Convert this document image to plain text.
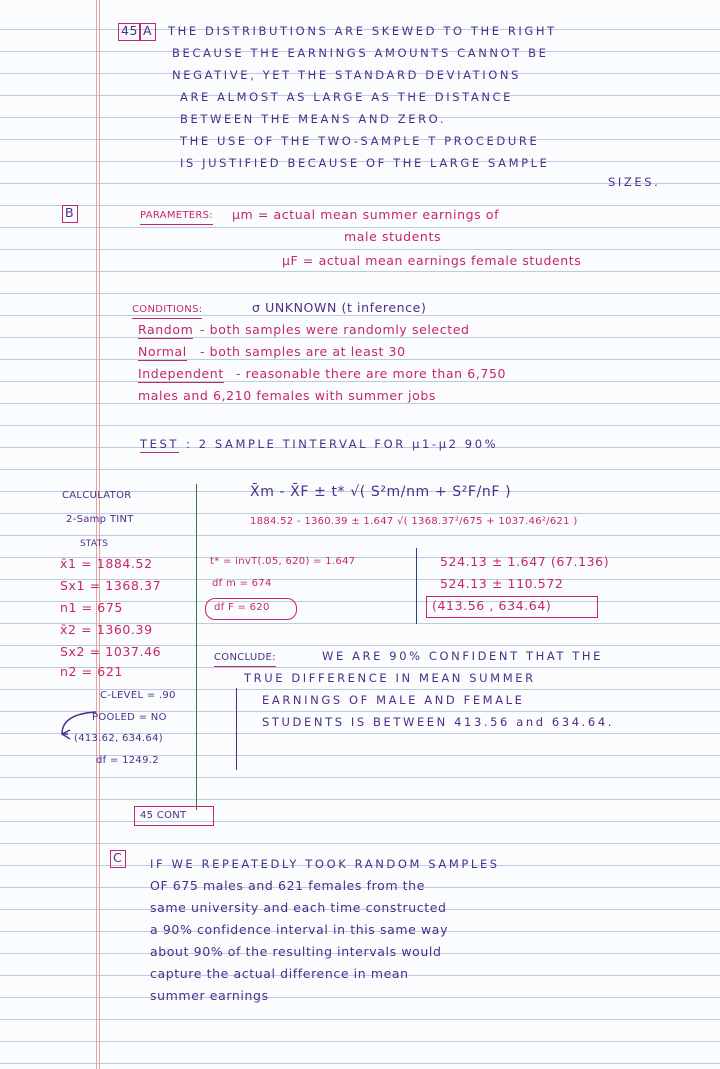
45 A THE DISTRIBUTIONS ARE SKEWED TO THE RIGHT
BECAUSE THE EARNINGS AMOUNTS CANNOT BE
NEGATIVE, YET THE STANDARD DEVIATIONS
ARE ALMOST AS LARGE AS THE DISTANCE
BETWEEN THE MEANS AND ZERO.
THE USE OF THE TWO-SAMPLE T PROCEDURE
IS JUSTIFIED BECAUSE OF THE LARGE SAMPLE
SIZES.
B	PARAMETERS: μm = actual mean summer earnings of
male students
μF = actual mean earnings female students
CONDITIONS:	σ UNKNOWN (t inference)
Random - both samples were randomly selected
Normal - both samples are at least 30
Independent - reasonable there are more than 6,750
males and 6,210 females with summer jobs
TEST : 2 SAMPLE TINTERVAL FOR μ1-μ2 90%
CALCULATOR
2-Samp TINT
STATS
x̄1 = 1884.52
Sx1 = 1368.37
n1 = 675
x̄2 = 1360.39
Sx2 = 1037.46
n2 = 621
C-LEVEL = .90
POOLED = NO
(413.62, 634.64)
df = 1249.2
X̄m - X̄F ± t* √( S²m/nm + S²F/nF )
1884.52 - 1360.39 ± 1.647 √( 1368.37²/675 + 1037.46²/621 )
t* = invT(.05, 620) = 1.647
df m = 674
df F = 620
524.13 ± 1.647 (67.136)
524.13 ± 110.572
(413.56 , 634.64)
CONCLUDE:	WE ARE 90% CONFIDENT THAT THE
TRUE DIFFERENCE IN MEAN SUMMER
EARNINGS OF MALE AND FEMALE
STUDENTS IS BETWEEN 413.56 and 634.64.
45 CONT
C IF WE REPEATEDLY TOOK RANDOM SAMPLES
OF 675 males and 621 females from the
same university and each time constructed
a 90% confidence interval in this same way
about 90% of the resulting intervals would
capture the actual difference in mean
summer earnings
